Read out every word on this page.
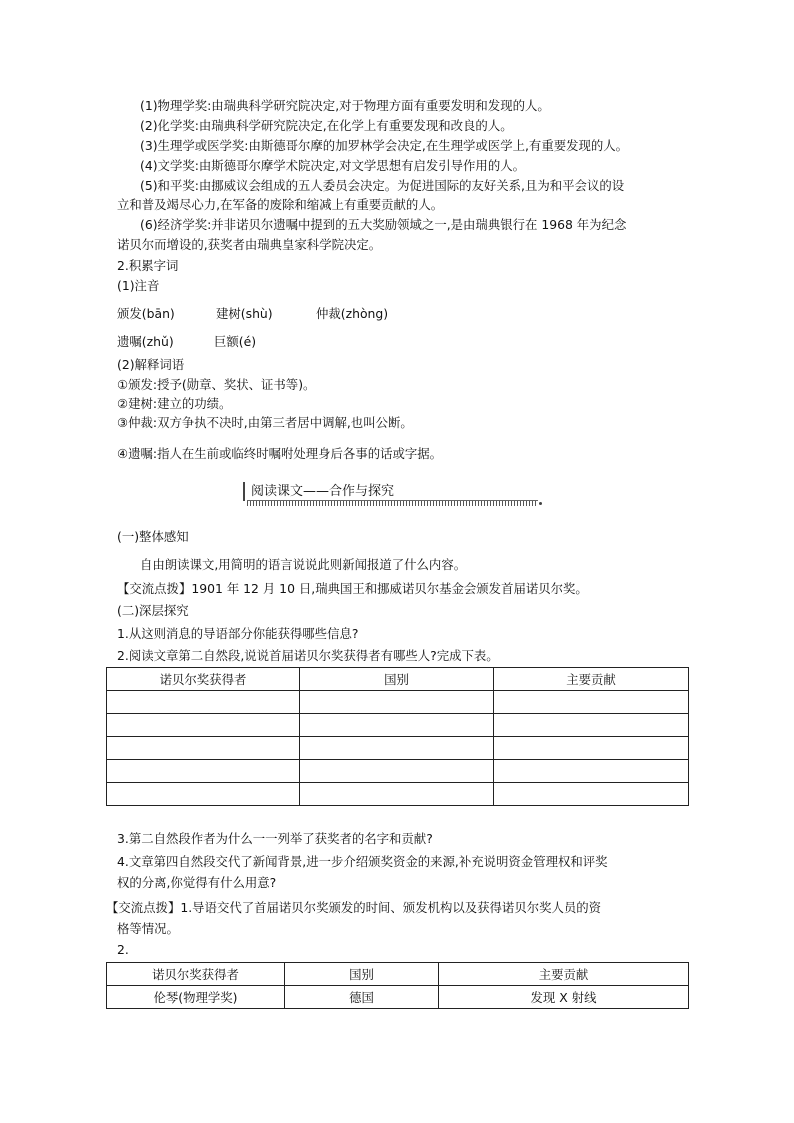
(1)物理学奖:由瑞典科学研究院决定,对于物理方面有重要发明和发现的人。
(2)化学奖:由瑞典科学研究院决定,在化学上有重要发现和改良的人。
(3)生理学或医学奖:由斯德哥尔摩的加罗林学会决定,在生理学或医学上,有重要发现的人。
(4)文学奖:由斯德哥尔摩学术院决定,对文学思想有启发引导作用的人。
(5)和平奖:由挪威议会组成的五人委员会决定。为促进国际的友好关系,且为和平会议的设
立和普及竭尽心力,在军备的废除和缩减上有重要贡献的人。
(6)经济学奖:并非诺贝尔遗嘱中提到的五大奖励领域之一,是由瑞典银行在 1968 年为纪念
诺贝尔而增设的,获奖者由瑞典皇家科学院决定。
2.积累字词
(1)注音
颁发(bān)	建树(shù)	仲裁(zhòng)
遗嘱(zhǔ)	巨额(é)
(2)解释词语
①颁发:授予(勋章、奖状、证书等)。
②建树:建立的功绩。
③仲裁:双方争执不决时,由第三者居中调解,也叫公断。
④遗嘱:指人在生前或临终时嘱咐处理身后各事的话或字据。
阅读课文——合作与探究
(一)整体感知
自由朗读课文,用简明的语言说说此则新闻报道了什么内容。
【交流点拨】1901 年 12 月 10 日,瑞典国王和挪威诺贝尔基金会颁发首届诺贝尔奖。
(二)深层探究
1.从这则消息的导语部分你能获得哪些信息?
2.阅读文章第二自然段,说说首届诺贝尔奖获得者有哪些人?完成下表。
诺贝尔奖获得者	国别	主要贡献

3.第二自然段作者为什么一一列举了获奖者的名字和贡献?
4.文章第四自然段交代了新闻背景,进一步介绍颁奖资金的来源,补充说明资金管理权和评奖
权的分离,你觉得有什么用意?
【交流点拨】1.导语交代了首届诺贝尔奖颁发的时间、颁发机构以及获得诺贝尔奖人员的资
格等情况。
2.
诺贝尔奖获得者	国别	主要贡献
伦琴(物理学奖)	德国	发现 X 射线
